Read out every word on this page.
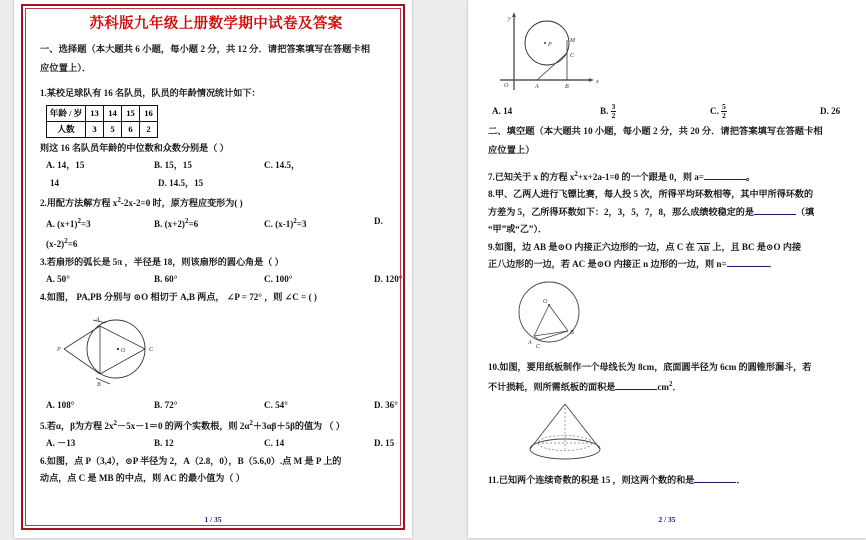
苏科版九年级上册数学期中试卷及答案
一、选择题（本大题共 6 小题，每小题 2 分，共 12 分．请把答案填写在答题卡相
应位置上）．
1.某校足球队有 16 名队员，队员的年龄情况统计如下：
年龄 / 岁	13	14	15	16
人数	3	5	6	2
则这 16 名队员年龄的中位数和众数分别是（ ）
A. 14，15	B. 15，15	C. 14.5，
14	D. 14.5，15
2.用配方法解方程 $x^2-2x-2=0$ 时，原方程应变形为( )
A. $(x+1)^2=3$	B. $(x+2)^2=6$	C. $(x-1)^2=3$	D.
$(x-2)^2=6$
3.若扇形的弧长是 5π ，半径是 18，则该扇形的圆心角是（ ）
A. 50°	B. 60°	C. 100°	D. 120°
4.如图， PA,PB 分别与 ⊙O 相切于 A,B 两点， ∠P = 72° ，则 ∠C = ( )
P
A
B
C
O
A. 108°	B. 72°	C. 54°	D. 36°
5.若α，β为方程 $2x^2-5x-1=0$ 的两个实数根，则 $2\alpha^2+3\alpha\beta+5\beta$的值为 （ ）
A. －13	B. 12	C. 14	D. 15
6.如图，点 P（3,4），⊙P 半径为 2，A（2.8，0），B（5.6,0）.点 M 是 P 上的
动点，点 C 是 MB 的中点，则 AC 的最小值为（ ）
1 / 35
y
x
O
P
M
C
A	B
A. 14	B. $\frac{3}{2}$	C. $\frac{5}{2}$	D. 26
二、填空题（本大题共 10 小题，每小题 2 分，共 20 分．请把答案填写在答题卡相
应位置上）
7.已知关于 x 的方程 $x^2+x+2a-1=0$ 的一个跟是 0，则 a=	。
8.甲、乙两人进行飞镖比赛，每人投 5 次，所得平均环数相等，其中甲所得环数的
方差为 5，乙所得环数如下：2，3，5，7，8，那么成绩较稳定的是	（填
“甲”或“乙”）．
9.如图，边 AB 是⊙O 内接正六边形的一边，点 C 在 AB 上，且 BC 是⊙O 内接
正八边形的一边，若 AC 是⊙O 内接正 n 边形的一边，则 n=	．
O
A
B
C
10.如图，要用纸板制作一个母线长为 8cm，底面圆半径为 6cm 的圆锥形漏斗，若
不计损耗，则所需纸板的面积是	$cm^2$．
11.已知两个连续奇数的积是 15 ，则这两个数的和是	．
2 / 35
